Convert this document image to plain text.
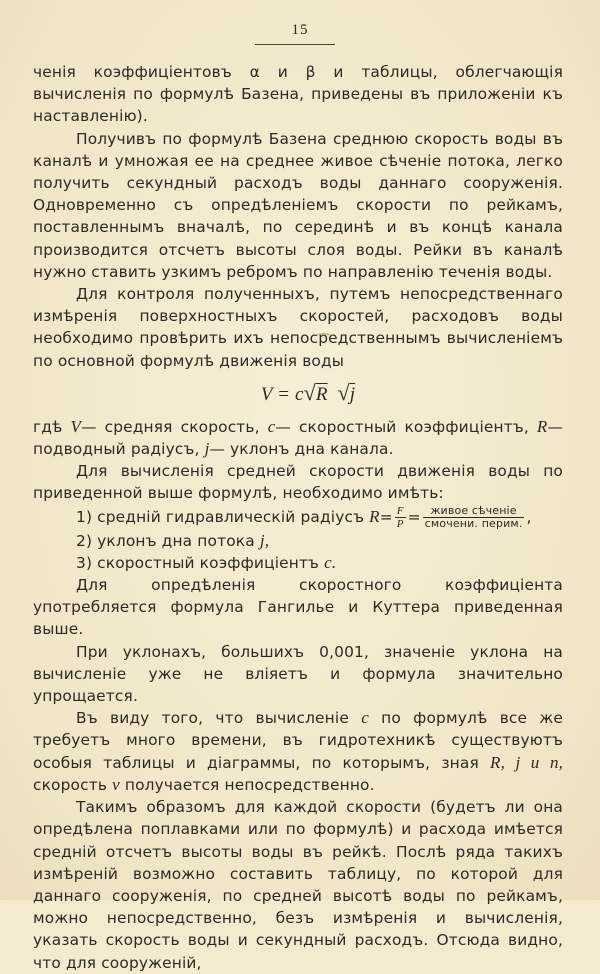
15

ченія коэффиціентовъ α и β и таблицы, облегчающія вычисленія по формулѣ Базена, приведены въ приложеніи къ наставленію).

Получивъ по формулѣ Базена среднюю скорость воды въ каналѣ и умножая ее на среднее живое сѣченіе потока, легко получить секундный расходъ воды даннаго сооруженія. Одновременно съ опредѣленіемъ скорости по рейкамъ, поставленнымъ вначалѣ, по серединѣ и въ концѣ канала производится отсчетъ высоты слоя воды. Рейки въ каналѣ нужно ставить узкимъ ребромъ по направленію теченія воды.

Для контроля полученныхъ, путемъ непосредственнаго измѣренія поверхностныхъ скоростей, расходовъ воды необходимо провѣрить ихъ непосредственнымъ вычисленіемъ по основной формулѣ движенія воды

V = c√R √j

гдѣ V— средняя скорость, c— скоростный коэффиціентъ, R— подводный радіусъ, j— уклонъ дна канала.

Для вычисленія средней скорости движенія воды по приведенной выше формулѣ, необходимо имѣть:

1) средній гидравлическій радіусъ $R= \frac{F}{P} = \frac{\text{живое сѣченіе}}{\text{смочени. перим.}}$ ,
2) уклонъ дна потока j,
3) скоростный коэффиціентъ c.

Для опредѣленія скоростного коэффиціента употребляется формула Гангилье и Куттера приведенная выше.

При уклонахъ, большихъ 0,001, значеніе уклона на вычисленіе уже не вліяетъ и формула значительно упрощается.

Въ виду того, что вычисленіе c по формулѣ все же требуетъ много времени, въ гидротехникѣ существуютъ особыя таблицы и діаграммы, по которымъ, зная R, j и n, скорость v получается непосредственно.

Такимъ образомъ для каждой скорости (будетъ ли она опредѣлена поплавками или по формулѣ) и расхода имѣется средній отсчетъ высоты воды въ рейкѣ. Послѣ ряда такихъ измѣреній возможно составить таблицу, по которой для даннаго сооруженія, по средней высотѣ воды по рейкамъ, можно непосредственно, безъ измѣренія и вычисленія, указать скорость воды и секундный расходъ. Отсюда видно, что для сооруженій,
